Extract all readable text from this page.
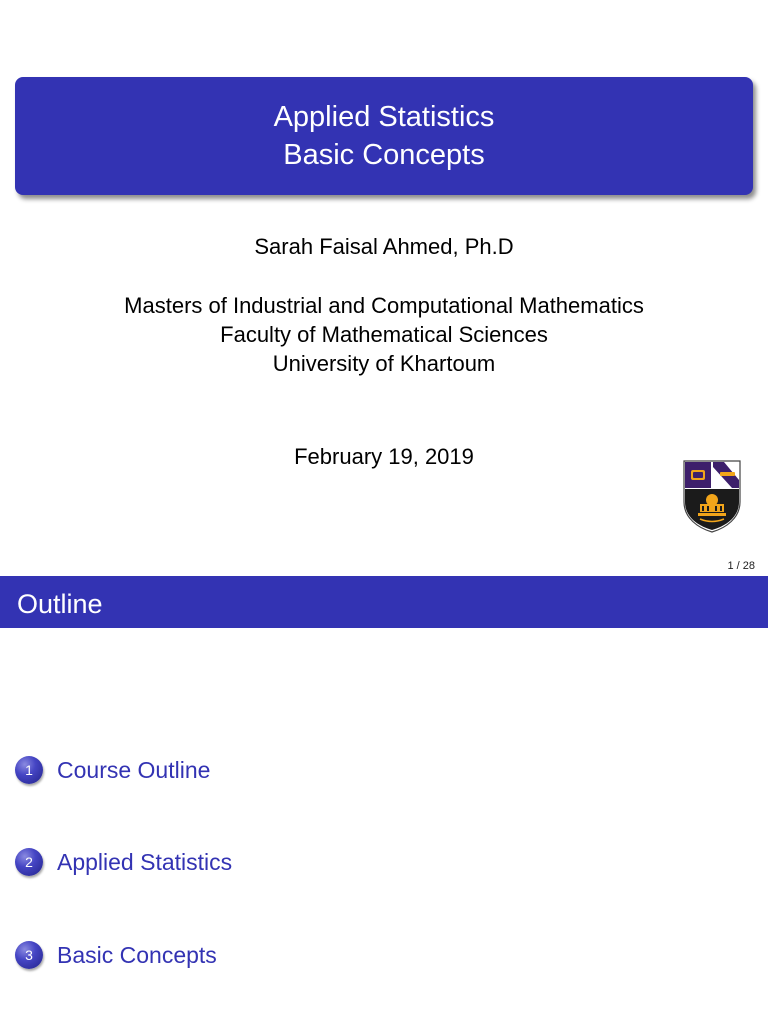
Applied Statistics
Basic Concepts
Sarah Faisal Ahmed, Ph.D
Masters of Industrial and Computational Mathematics
Faculty of Mathematical Sciences
University of Khartoum
February 19, 2019
1 / 28
Outline
1	Course Outline
2	Applied Statistics
3	Basic Concepts
